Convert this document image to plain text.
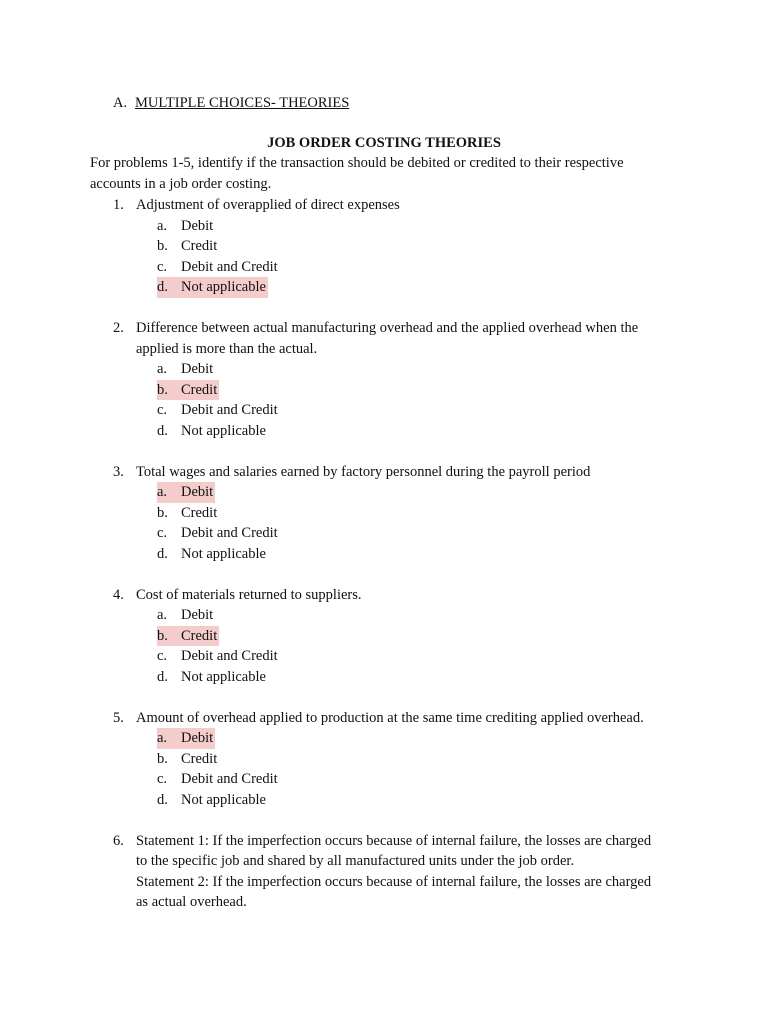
A. MULTIPLE CHOICES- THEORIES
JOB ORDER COSTING THEORIES
For problems 1-5, identify if the transaction should be debited or credited to their respective accounts in a job order costing.
1. Adjustment of overapplied of direct expenses
a. Debit
b. Credit
c. Debit and Credit
d. Not applicable
2. Difference between actual manufacturing overhead and the applied overhead when the
applied is more than the actual.
a. Debit
b. Credit
c. Debit and Credit
d. Not applicable
3. Total wages and salaries earned by factory personnel during the payroll period
a. Debit
b. Credit
c. Debit and Credit
d. Not applicable
4. Cost of materials returned to suppliers.
a. Debit
b. Credit
c. Debit and Credit
d. Not applicable
5. Amount of overhead applied to production at the same time crediting applied overhead.
a. Debit
b. Credit
c. Debit and Credit
d. Not applicable
6. Statement 1: If the imperfection occurs because of internal failure, the losses are charged
to the specific job and shared by all manufactured units under the job order.
Statement 2: If the imperfection occurs because of internal failure, the losses are charged
as actual overhead.
